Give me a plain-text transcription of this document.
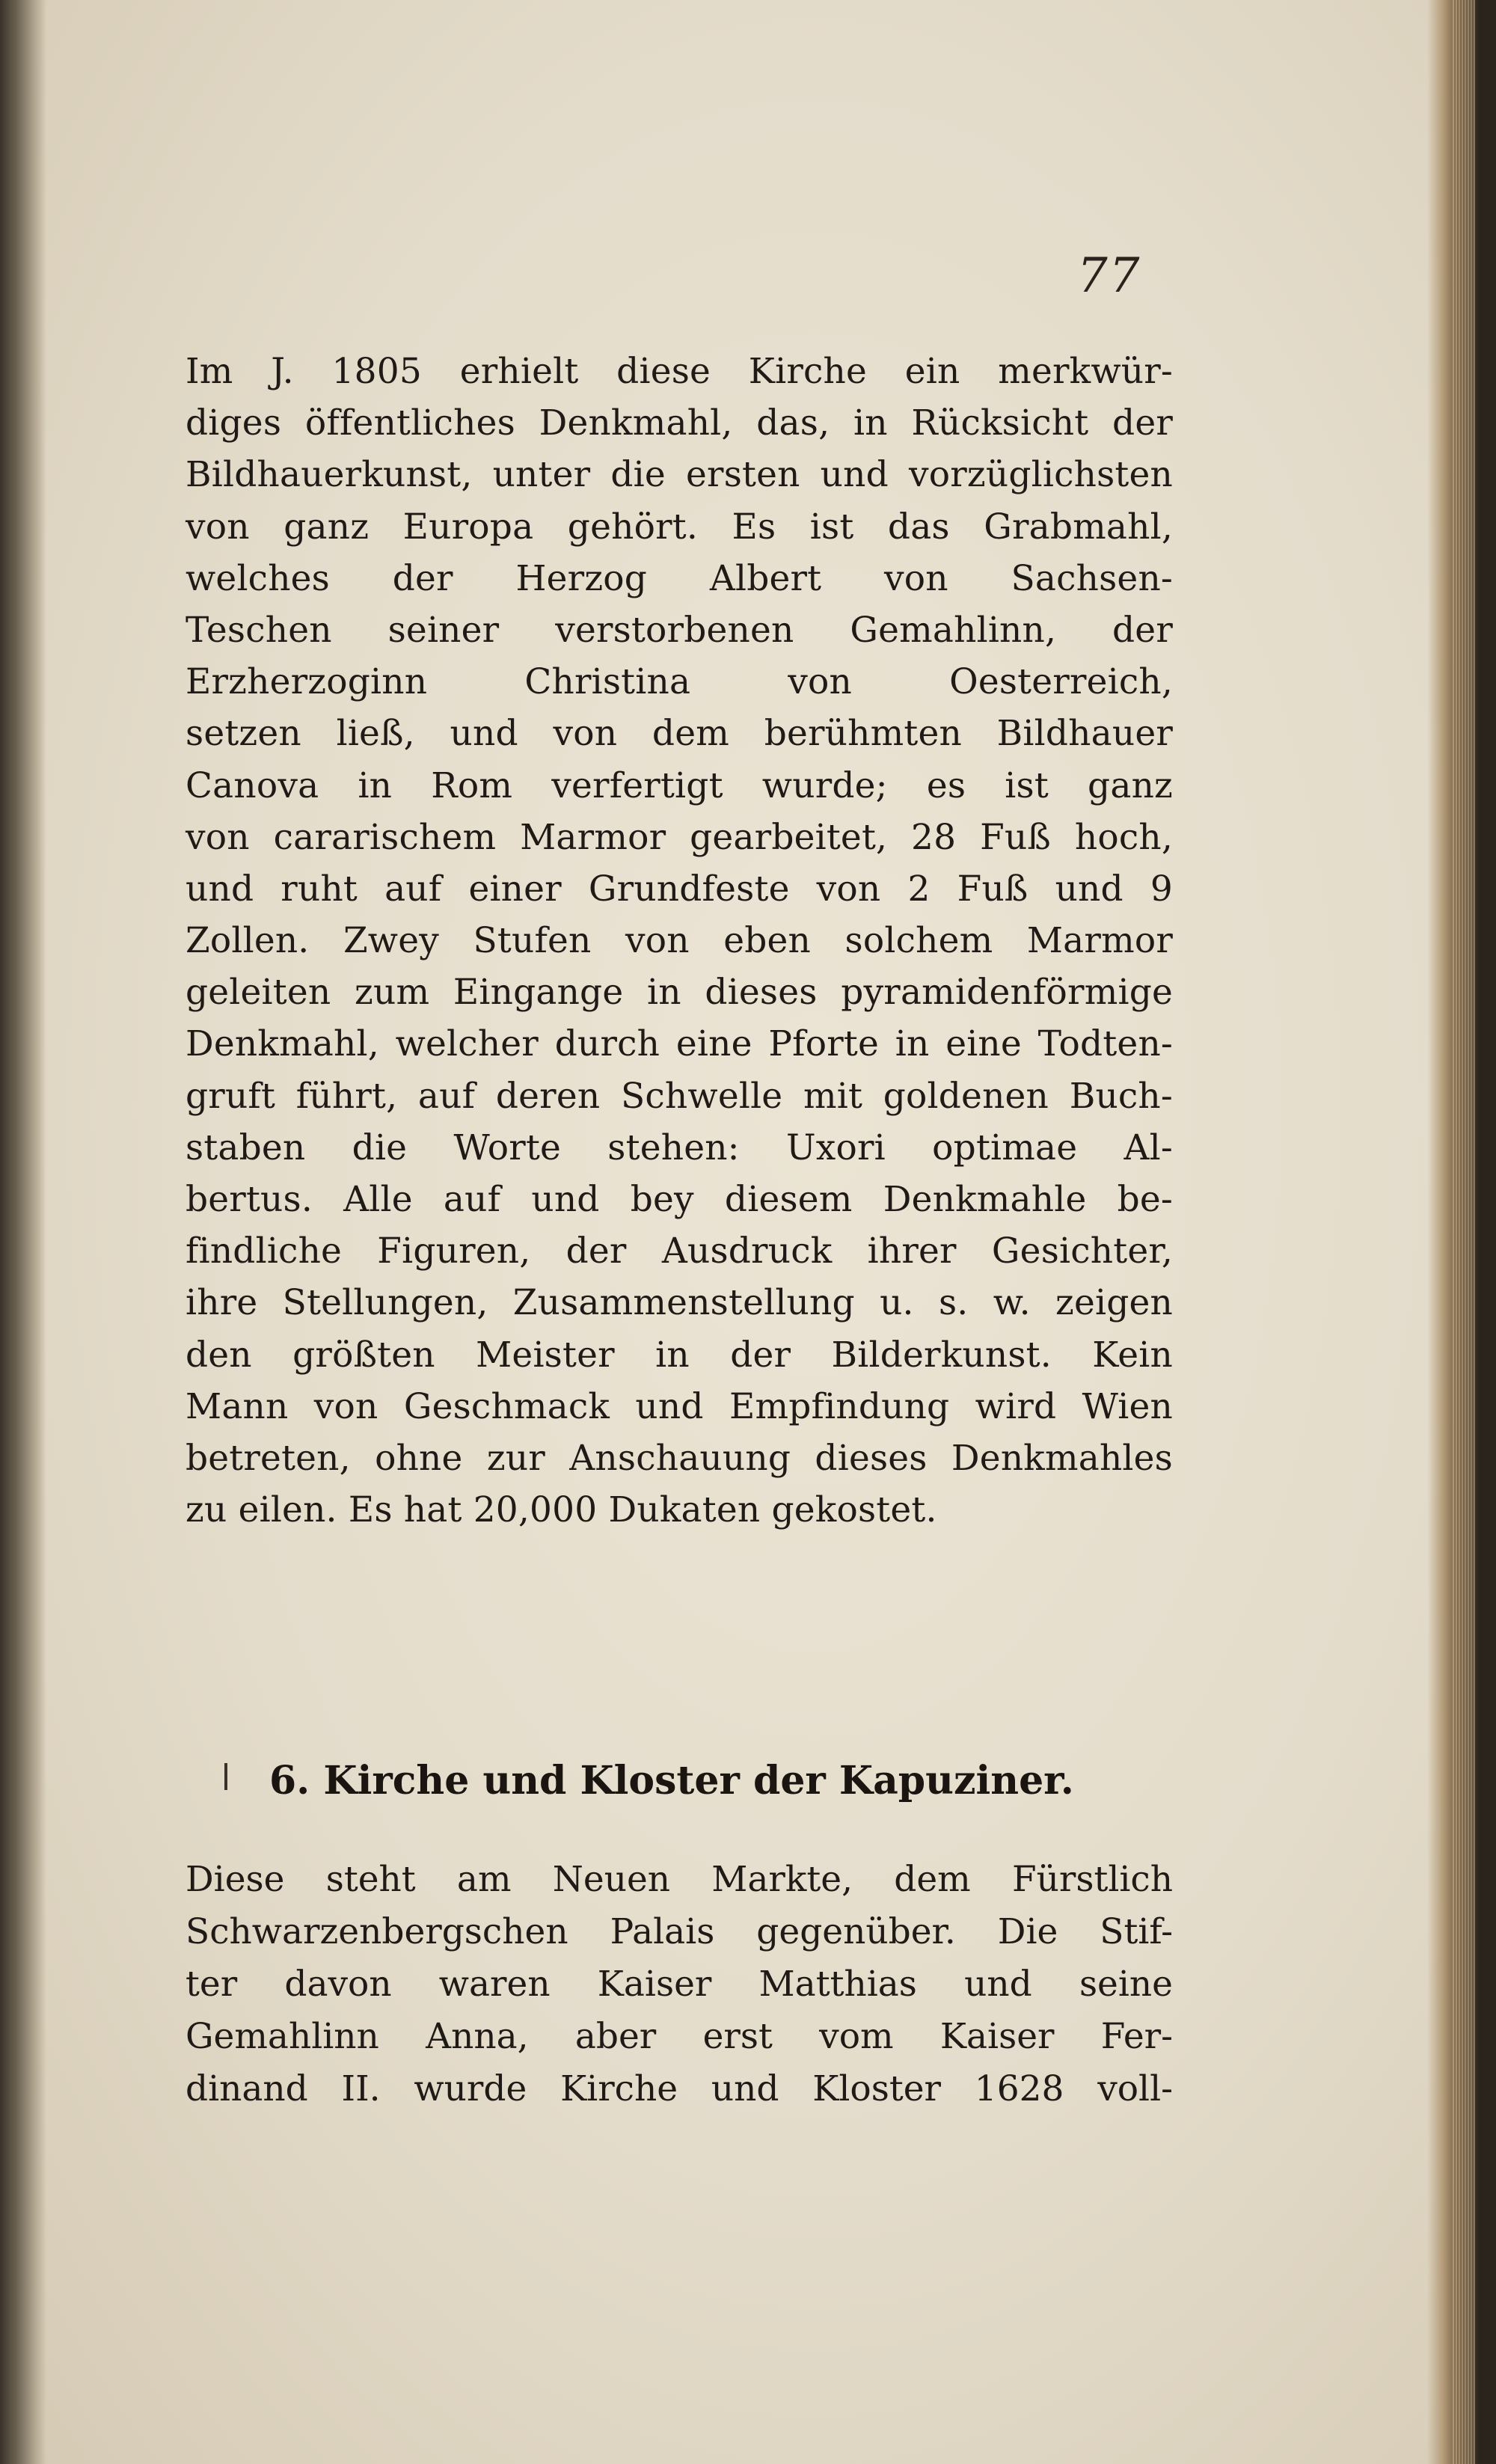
77
Im J. 1805 erhielt diese Kirche ein merkwür-
diges öffentliches Denkmahl, das, in Rücksicht der
Bildhauerkunst, unter die ersten und vorzüglichsten
von ganz Europa gehört. Es ist das Grabmahl,
welches der Herzog Albert von Sachsen-
Teschen seiner verstorbenen Gemahlinn, der
Erzherzoginn Christina von Oesterreich,
setzen ließ, und von dem berühmten Bildhauer
Canova in Rom verfertigt wurde; es ist ganz
von cararischem Marmor gearbeitet, 28 Fuß hoch,
und ruht auf einer Grundfeste von 2 Fuß und 9
Zollen. Zwey Stufen von eben solchem Marmor
geleiten zum Eingange in dieses pyramidenförmige
Denkmahl, welcher durch eine Pforte in eine Todten-
gruft führt, auf deren Schwelle mit goldenen Buch-
staben die Worte stehen: Uxori optimae Al-
bertus. Alle auf und bey diesem Denkmahle be-
findliche Figuren, der Ausdruck ihrer Gesichter,
ihre Stellungen, Zusammenstellung u. s. w. zeigen
den größten Meister in der Bilderkunst. Kein
Mann von Geschmack und Empfindung wird Wien
betreten, ohne zur Anschauung dieses Denkmahles
zu eilen. Es hat 20,000 Dukaten gekostet.
6. Kirche und Kloster der Kapuziner.
Diese steht am Neuen Markte, dem Fürstlich
Schwarzenbergschen Palais gegenüber. Die Stif-
ter davon waren Kaiser Matthias und seine
Gemahlinn Anna, aber erst vom Kaiser Fer-
dinand II. wurde Kirche und Kloster 1628 voll-
